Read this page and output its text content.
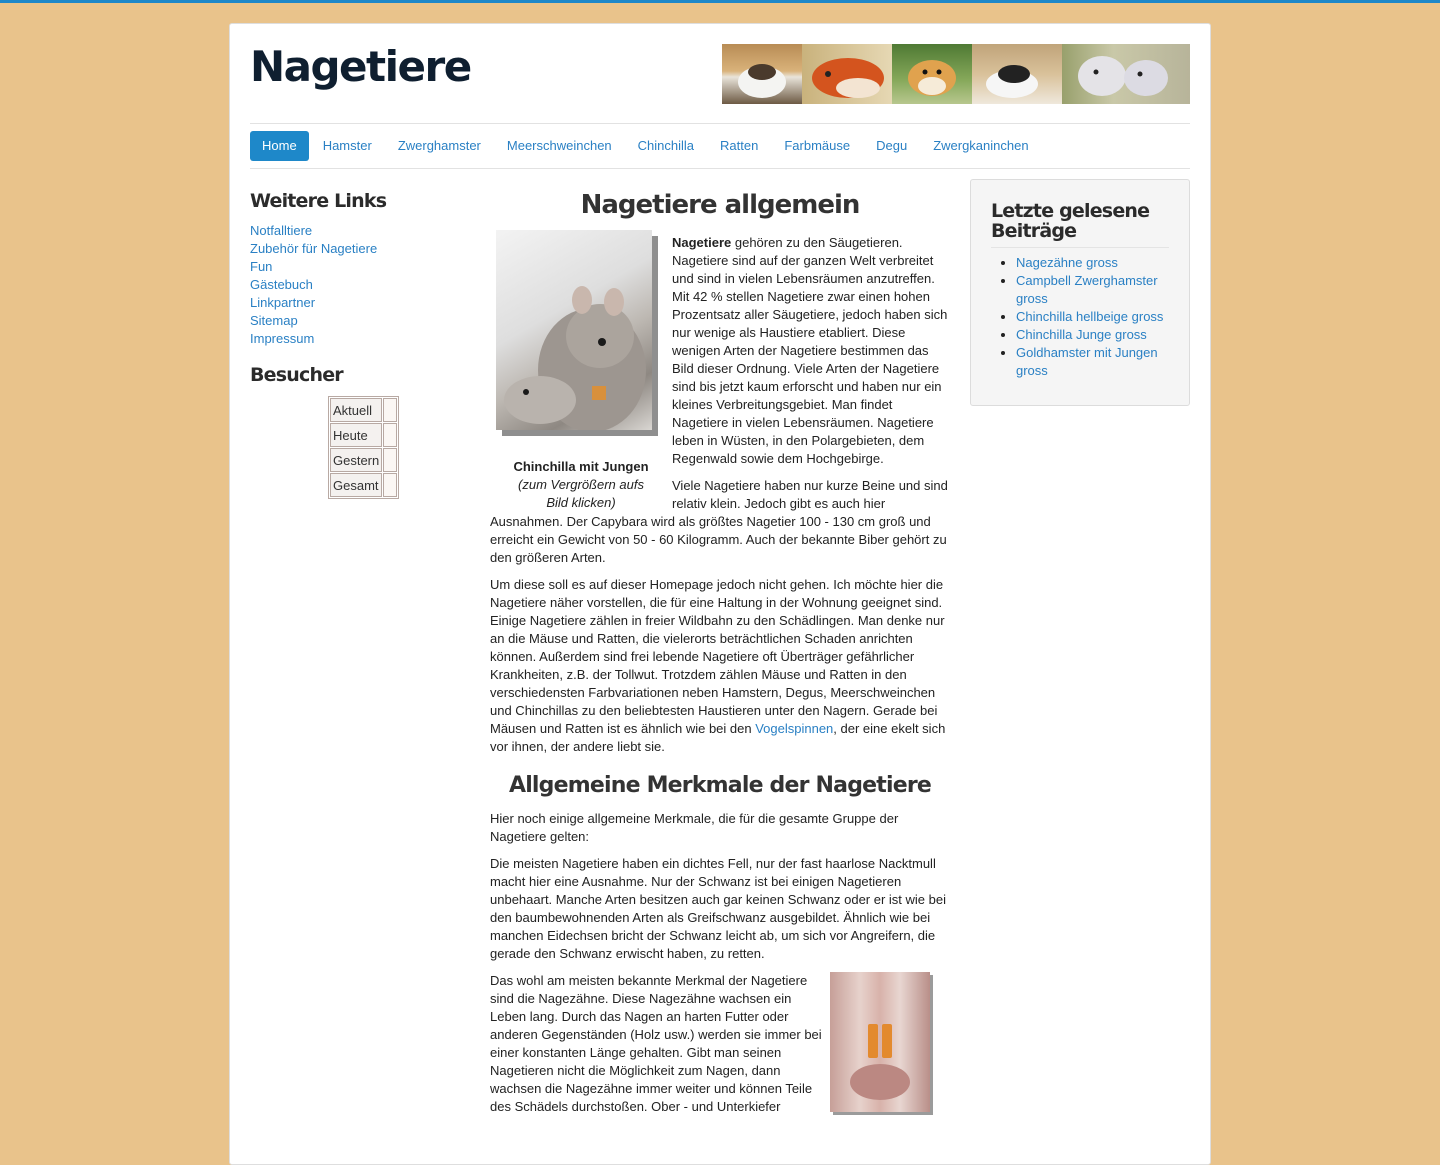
Nagetiere
Home	Hamster	Zwerghamster	Meerschweinchen	Chinchilla	Ratten	Farbmäuse	Degu	Zwergkaninchen
Weitere Links
Notfalltiere
Zubehör für Nagetiere
Fun
Gästebuch
Linkpartner
Sitemap
Impressum
Besucher
Aktuell	
Heute	
Gestern	
Gesamt	
Nagetiere allgemein
Chinchilla mit Jungen
(zum Vergrößern aufs Bild klicken)

Nagetiere gehören zu den Säugetieren. Nagetiere sind auf der ganzen Welt verbreitet und sind in vielen Lebensräumen anzutreffen. Mit 42 % stellen Nagetiere zwar einen hohen Prozentsatz aller Säugetiere, jedoch haben sich nur wenige als Haustiere etabliert. Diese wenigen Arten der Nagetiere bestimmen das Bild dieser Ordnung. Viele Arten der Nagetiere sind bis jetzt kaum erforscht und haben nur ein kleines Verbreitungsgebiet. Man findet Nagetiere in vielen Lebensräumen. Nagetiere leben in Wüsten, in den Polargebieten, dem Regenwald sowie dem Hochgebirge.

Viele Nagetiere haben nur kurze Beine und sind relativ klein. Jedoch gibt es auch hier Ausnahmen. Der Capybara wird als größtes Nagetier 100 - 130 cm groß und erreicht ein Gewicht von 50 - 60 Kilogramm. Auch der bekannte Biber gehört zu den größeren Arten.

Um diese soll es auf dieser Homepage jedoch nicht gehen. Ich möchte hier die Nagetiere näher vorstellen, die für eine Haltung in der Wohnung geeignet sind.

Einige Nagetiere zählen in freier Wildbahn zu den Schädlingen. Man denke nur an die Mäuse und Ratten, die vielerorts beträchtlichen Schaden anrichten können. Außerdem sind frei lebende Nagetiere oft Überträger gefährlicher Krankheiten, z.B. der Tollwut. Trotzdem zählen Mäuse und Ratten in den verschiedensten Farbvariationen neben Hamstern, Degus, Meerschweinchen und Chinchillas zu den beliebtesten Haustieren unter den Nagern. Gerade bei Mäusen und Ratten ist es ähnlich wie bei den Vogelspinnen, der eine ekelt sich vor ihnen, der andere liebt sie.

Allgemeine Merkmale der Nagetiere

Hier noch einige allgemeine Merkmale, die für die gesamte Gruppe der Nagetiere gelten:

Die meisten Nagetiere haben ein dichtes Fell, nur der fast haarlose Nacktmull macht hier eine Ausnahme. Nur der Schwanz ist bei einigen Nagetieren unbehaart. Manche Arten besitzen auch gar keinen Schwanz oder er ist wie bei den baumbewohnenden Arten als Greifschwanz ausgebildet. Ähnlich wie bei manchen Eidechsen bricht der Schwanz leicht ab, um sich vor Angreifern, die gerade den Schwanz erwischt haben, zu retten.

Das wohl am meisten bekannte Merkmal der Nagetiere sind die Nagezähne. Diese Nagezähne wachsen ein Leben lang. Durch das Nagen an harten Futter oder anderen Gegenständen (Holz usw.) werden sie immer bei einer konstanten Länge gehalten. Gibt man seinen Nagetieren nicht die Möglichkeit zum Nagen, dann wachsen die Nagezähne immer weiter und können Teile des Schädels durchstoßen. Ober - und Unterkiefer

Letzte gelesene Beiträge
• Nagezähne gross
• Campbell Zwerghamster gross
• Chinchilla hellbeige gross
• Chinchilla Junge gross
• Goldhamster mit Jungen gross
